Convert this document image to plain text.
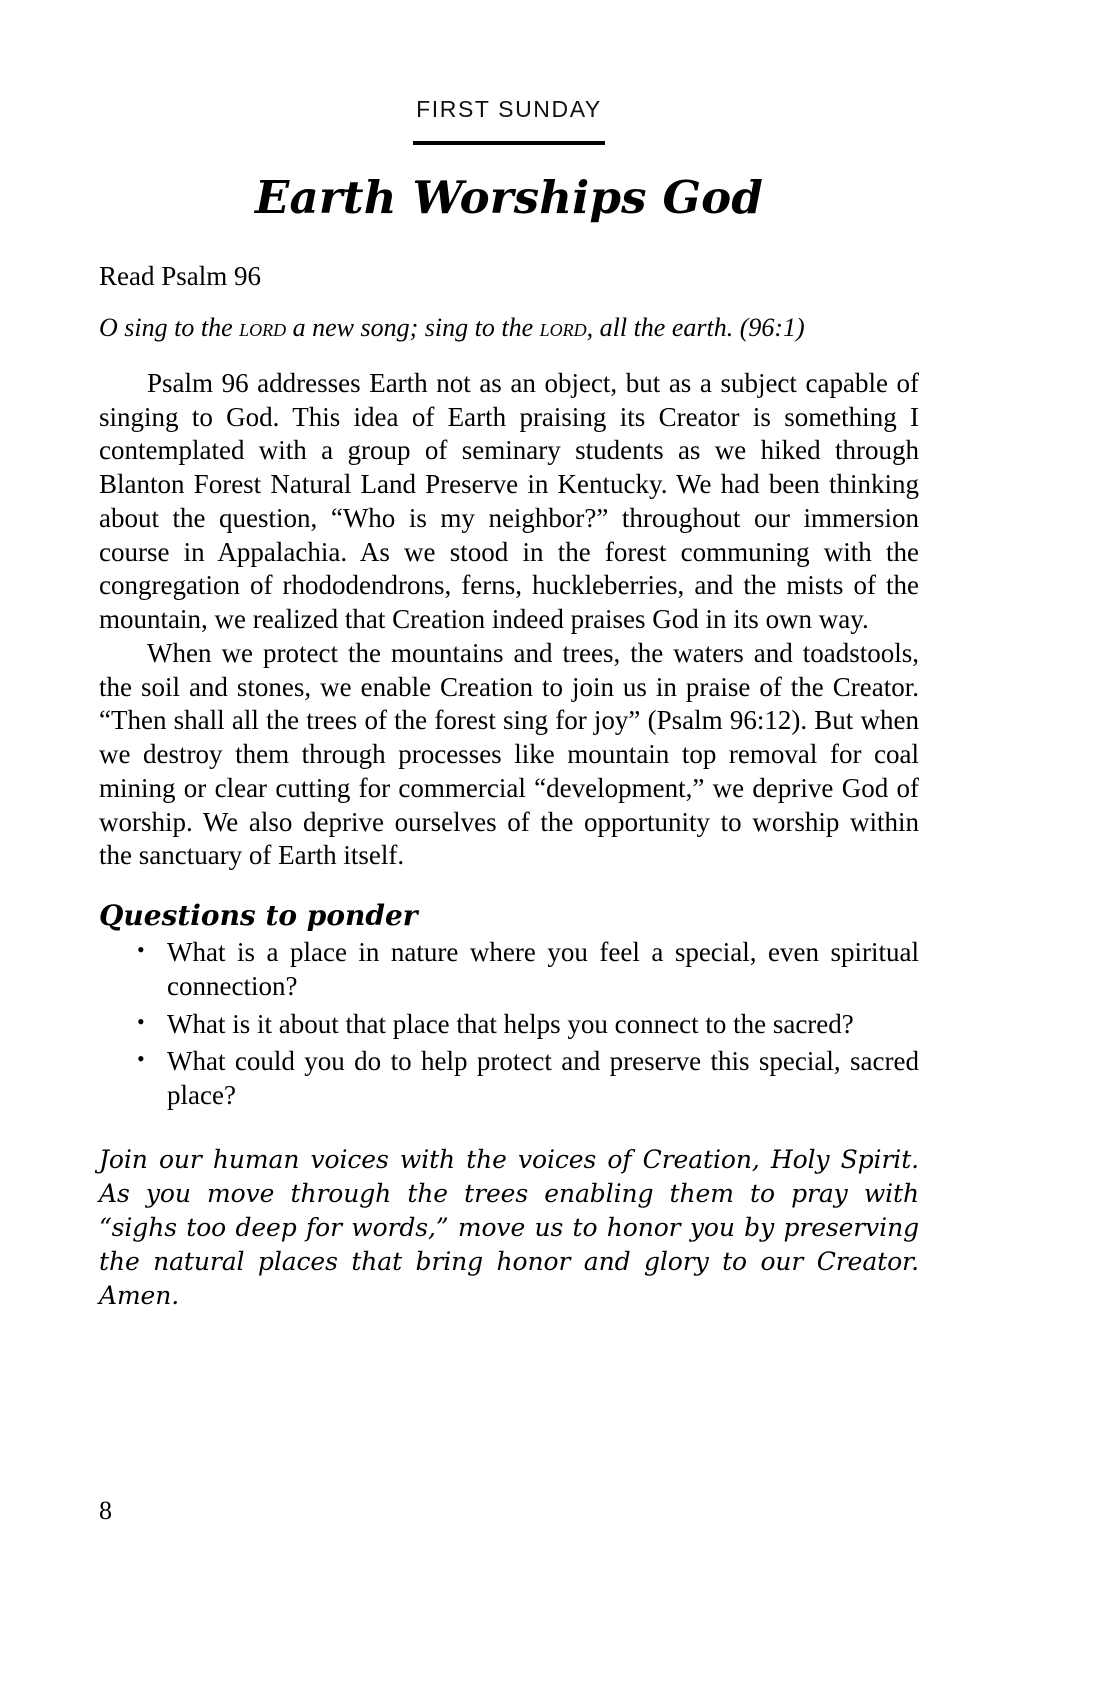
FIRST SUNDAY
Earth Worships God
Read Psalm 96
O sing to the lord a new song; sing to the lord, all the earth. (96:1)

Psalm 96 addresses Earth not as an object, but as a subject capable of singing to God. This idea of Earth praising its Creator is something I contemplated with a group of seminary students as we hiked through Blanton Forest Natural Land Preserve in Kentucky. We had been thinking about the question, “Who is my neighbor?” throughout our immersion course in Appalachia. As we stood in the forest communing with the congregation of rhododendrons, ferns, huckleberries, and the mists of the mountain, we realized that Creation indeed praises God in its own way.

When we protect the mountains and trees, the waters and toadstools, the soil and stones, we enable Creation to join us in praise of the Creator. “Then shall all the trees of the forest sing for joy” (Psalm 96:12). But when we destroy them through processes like mountain top removal for coal mining or clear cutting for commercial “development,” we deprive God of worship. We also deprive ourselves of the opportunity to worship within the sanctuary of Earth itself.

Questions to ponder
• What is a place in nature where you feel a special, even spiritual connection?
• What is it about that place that helps you connect to the sacred?
• What could you do to help protect and preserve this special, sacred place?
Join our human voices with the voices of Creation, Holy Spirit. As you move through the trees enabling them to pray with “sighs too deep for words,” move us to honor you by preserving the natural places that bring honor and glory to our Creator. Amen.
8
